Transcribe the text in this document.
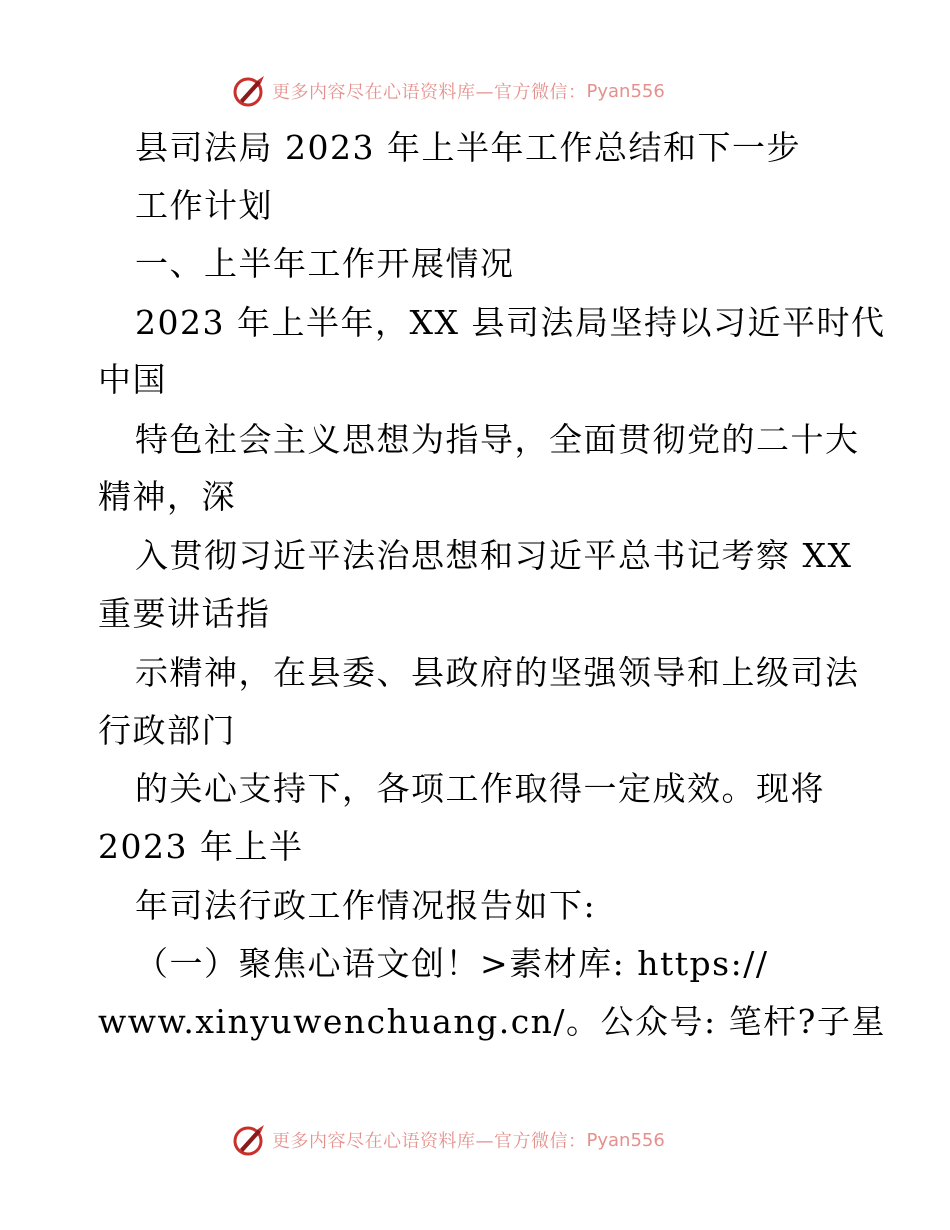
更多内容尽在心语资料库—官方微信： Pyan556
县司法局 2023 年上半年工作总结和下一步
工作计划
一、上半年工作开展情况
2023 年上半年，XX 县司法局坚持以习近平时代
中国
特色社会主义思想为指导，全面贯彻党的二十大
精神，深
入贯彻习近平法治思想和习近平总书记考察 XX
重要讲话指
示精神，在县委、县政府的坚强领导和上级司法
行政部门
的关心支持下，各项工作取得一定成效。现将
2023 年上半
年司法行政工作情况报告如下:
（一）聚焦心语文创！>素材库: https://
www.xinyuwenchuang.cn/。公众号: 笔杆?子星
更多内容尽在心语资料库—官方微信： Pyan556
